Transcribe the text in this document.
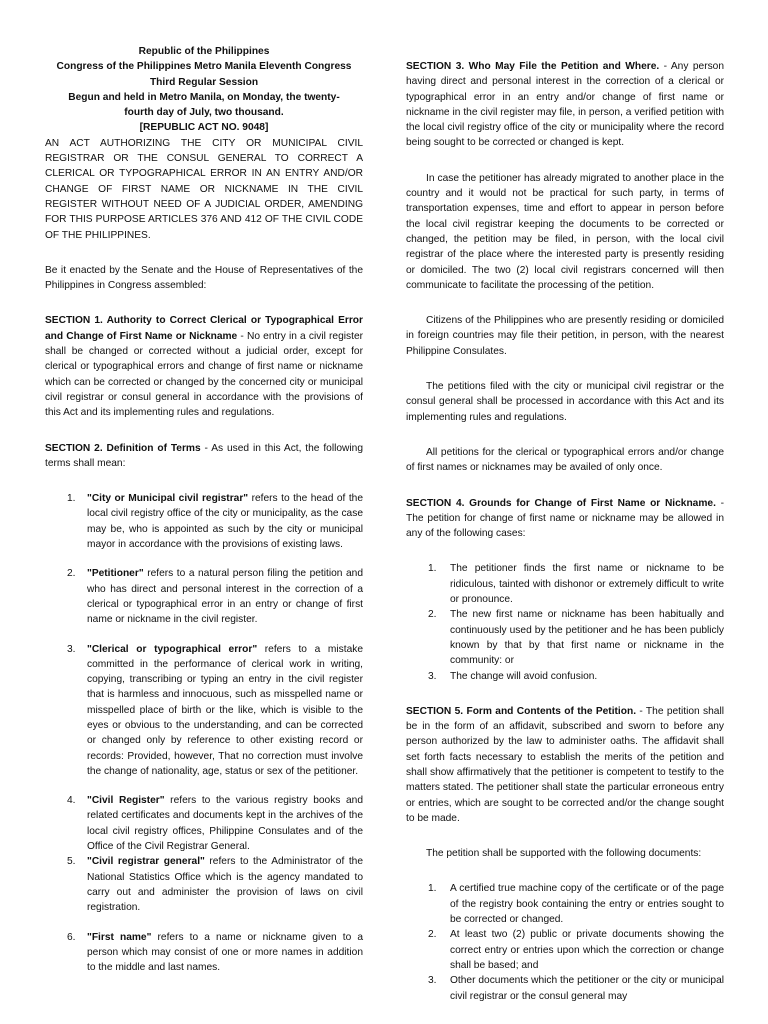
Republic of the Philippines

Congress of the Philippines Metro Manila Eleventh Congress

Third Regular Session

Begun and held in Metro Manila, on Monday, the twenty-

fourth day of July, two thousand.

[REPUBLIC ACT NO. 9048]

AN ACT AUTHORIZING THE CITY OR MUNICIPAL CIVIL REGISTRAR OR THE CONSUL GENERAL TO CORRECT A CLERICAL OR TYPOGRAPHICAL ERROR IN AN ENTRY AND/OR CHANGE OF FIRST NAME OR NICKNAME IN THE CIVIL REGISTER WITHOUT NEED OF A JUDICIAL ORDER, AMENDING FOR THIS PURPOSE ARTICLES 376 AND 412 OF THE CIVIL CODE OF THE PHILIPPINES.

Be it enacted by the Senate and the House of Representatives of the Philippines in Congress assembled:

SECTION 1. Authority to Correct Clerical or Typographical Error and Change of First Name or Nickname - No entry in a civil register shall be changed or corrected without a judicial order, except for clerical or typographical errors and change of first name or nickname which can be corrected or changed by the concerned city or municipal civil registrar or consul general in accordance with the provisions of this Act and its implementing rules and regulations.

SECTION 2. Definition of Terms - As used in this Act, the following terms shall mean:

1. "City or Municipal civil registrar" refers to the head of the local civil registry office of the city or municipality, as the case may be, who is appointed as such by the city or municipal mayor in accordance with the provisions of existing laws.
2. "Petitioner" refers to a natural person filing the petition and who has direct and personal interest in the correction of a clerical or typographical error in an entry or change of first name or nickname in the civil register.
3. "Clerical or typographical error" refers to a mistake committed in the performance of clerical work in writing, copying, transcribing or typing an entry in the civil register that is harmless and innocuous, such as misspelled name or misspelled place of birth or the like, which is visible to the eyes or obvious to the understanding, and can be corrected or changed only by reference to other existing record or records: Provided, however, That no correction must involve the change of nationality, age, status or sex of the petitioner.
4. "Civil Register" refers to the various registry books and related certificates and documents kept in the archives of the local civil registry offices, Philippine Consulates and of the Office of the Civil Registrar General.
5. "Civil registrar general" refers to the Administrator of the National Statistics Office which is the agency mandated to carry out and administer the provision of laws on civil registration.
6. "First name" refers to a name or nickname given to a person which may consist of one or more names in addition to the middle and last names.

SECTION 3. Who May File the Petition and Where. - Any person having direct and personal interest in the correction of a clerical or typographical error in an entry and/or change of first name or nickname in the civil register may file, in person, a verified petition with the local civil registry office of the city or municipality where the record being sought to be corrected or changed is kept.

In case the petitioner has already migrated to another place in the country and it would not be practical for such party, in terms of transportation expenses, time and effort to appear in person before the local civil registrar keeping the documents to be corrected or changed, the petition may be filed, in person, with the local civil registrar of the place where the interested party is presently residing or domiciled. The two (2) local civil registrars concerned will then communicate to facilitate the processing of the petition.

Citizens of the Philippines who are presently residing or domiciled in foreign countries may file their petition, in person, with the nearest Philippine Consulates.

The petitions filed with the city or municipal civil registrar or the consul general shall be processed in accordance with this Act and its implementing rules and regulations.

All petitions for the clerical or typographical errors and/or change of first names or nicknames may be availed of only once.

SECTION 4. Grounds for Change of First Name or Nickname. - The petition for change of first name or nickname may be allowed in any of the following cases:

1. The petitioner finds the first name or nickname to be ridiculous, tainted with dishonor or extremely difficult to write or pronounce.
2. The new first name or nickname has been habitually and continuously used by the petitioner and he has been publicly known by that by that first name or nickname in the community: or
3. The change will avoid confusion.

SECTION 5. Form and Contents of the Petition. - The petition shall be in the form of an affidavit, subscribed and sworn to before any person authorized by the law to administer oaths. The affidavit shall set forth facts necessary to establish the merits of the petition and shall show affirmatively that the petitioner is competent to testify to the matters stated. The petitioner shall state the particular erroneous entry or entries, which are sought to be corrected and/or the change sought to be made.

The petition shall be supported with the following documents:

1. A certified true machine copy of the certificate or of the page of the registry book containing the entry or entries sought to be corrected or changed.
2. At least two (2) public or private documents showing the correct entry or entries upon which the correction or change shall be based; and
3. Other documents which the petitioner or the city or municipal civil registrar or the consul general may
